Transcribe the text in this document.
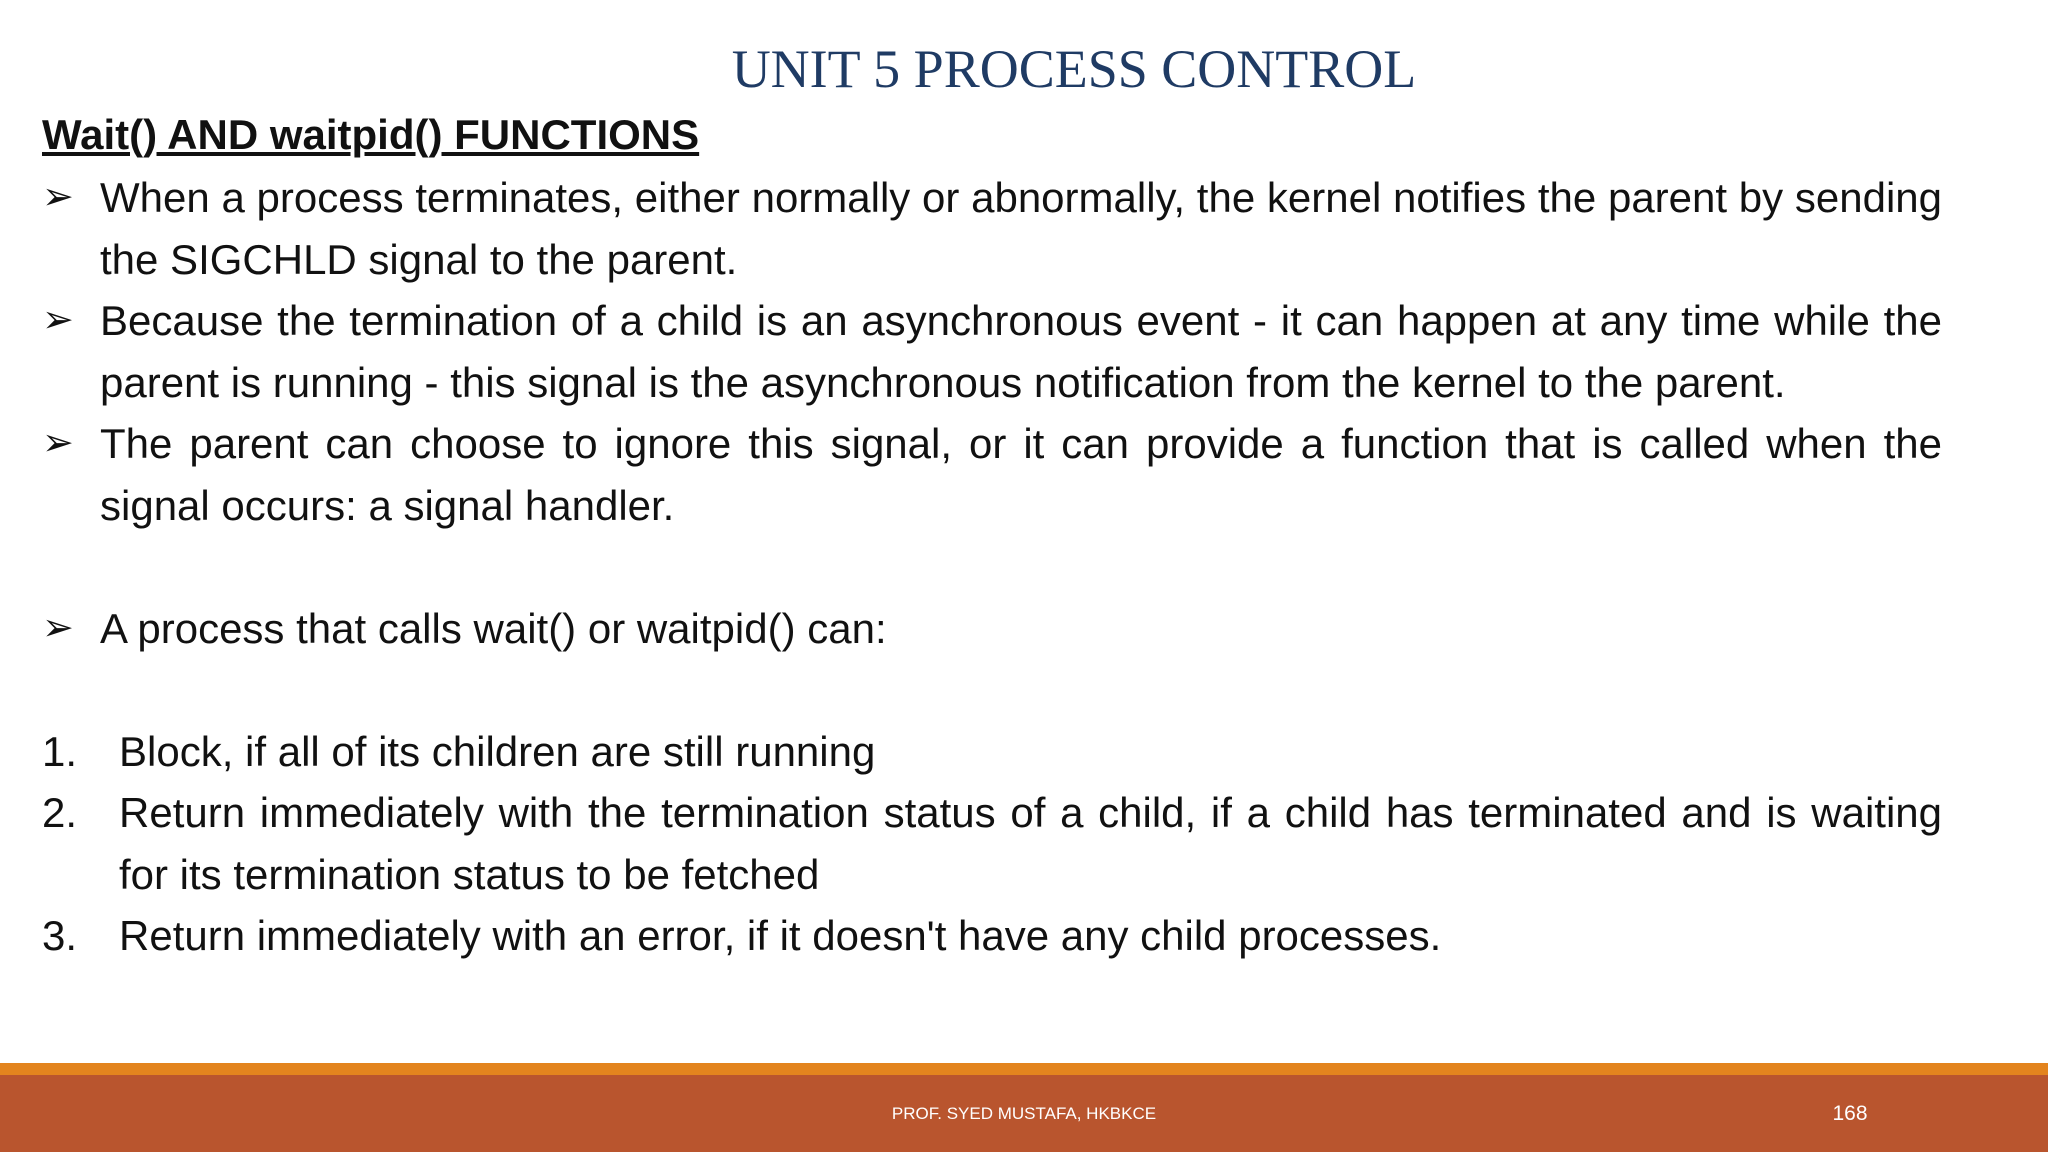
UNIT 5 PROCESS CONTROL
Wait() AND waitpid() FUNCTIONS
➢ When a process terminates, either normally or abnormally, the kernel notifies the parent by sending the SIGCHLD signal to the parent.
➢ Because the termination of a child is an asynchronous event - it can happen at any time while the parent is running - this signal is the asynchronous notification from the kernel to the parent.
➢ The parent can choose to ignore this signal, or it can provide a function that is called when the signal occurs: a signal handler.
➢ A process that calls wait() or waitpid() can:
1. Block, if all of its children are still running
2. Return immediately with the termination status of a child, if a child has terminated and is waiting for its termination status to be fetched
3. Return immediately with an error, if it doesn't have any child processes.
PROF. SYED MUSTAFA, HKBKCE	168
